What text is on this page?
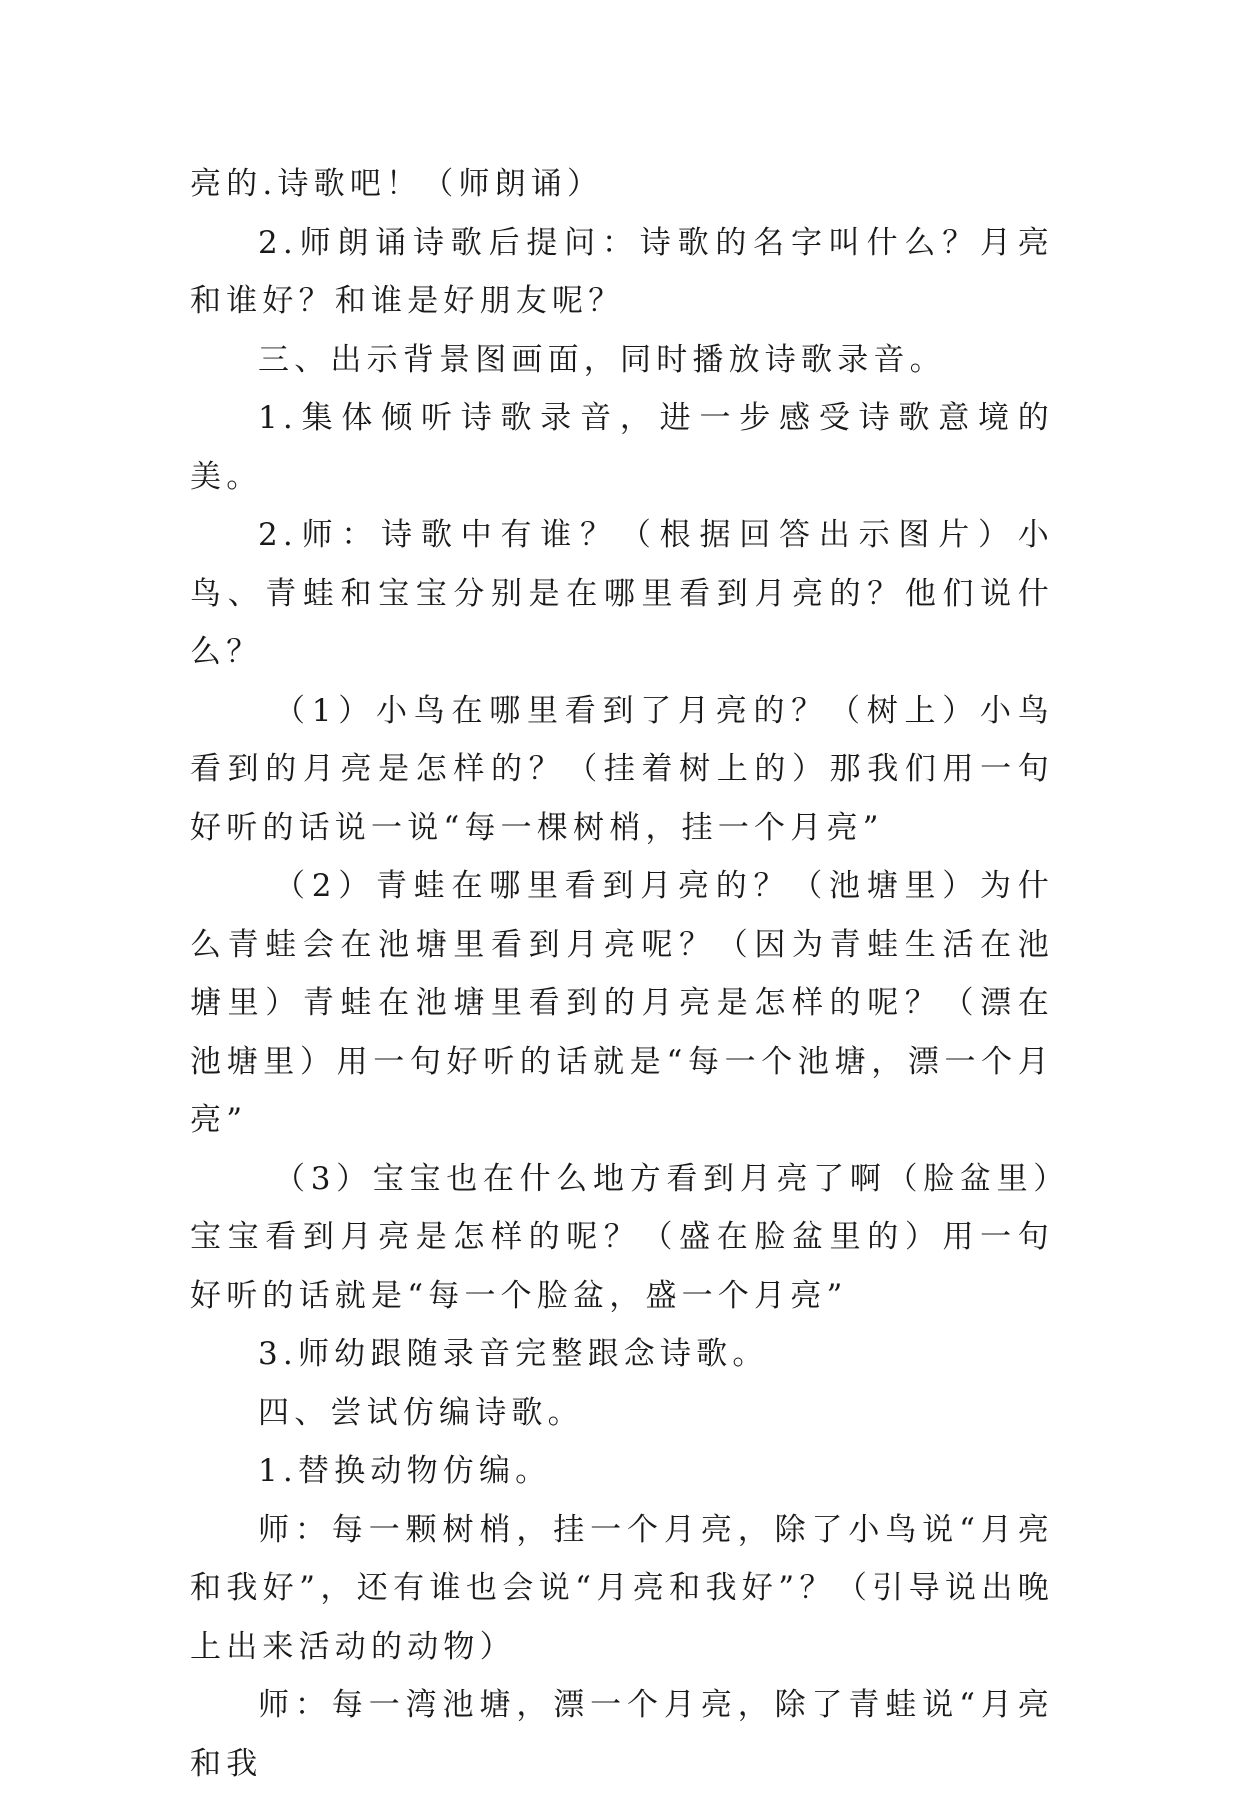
亮的.诗歌吧！（师朗诵）

2.师朗诵诗歌后提问：诗歌的名字叫什么？月亮和谁好？和谁是好朋友呢？

三、出示背景图画面，同时播放诗歌录音。

1.集体倾听诗歌录音，进一步感受诗歌意境的美。

2.师：诗歌中有谁？（根据回答出示图片）小鸟、青蛙和宝宝分别是在哪里看到月亮的？他们说什么？

（1）小鸟在哪里看到了月亮的？（树上）小鸟看到的月亮是怎样的？（挂着树上的）那我们用一句好听的话说一说“每一棵树梢，挂一个月亮”

（2）青蛙在哪里看到月亮的？（池塘里）为什么青蛙会在池塘里看到月亮呢？（因为青蛙生活在池塘里）青蛙在池塘里看到的月亮是怎样的呢？（漂在池塘里）用一句好听的话就是“每一个池塘，漂一个月亮”

（3）宝宝也在什么地方看到月亮了啊（脸盆里）宝宝看到月亮是怎样的呢？（盛在脸盆里的）用一句好听的话就是“每一个脸盆，盛一个月亮”

3.师幼跟随录音完整跟念诗歌。

四、尝试仿编诗歌。

1.替换动物仿编。

师：每一颗树梢，挂一个月亮，除了小鸟说“月亮和我好”，还有谁也会说“月亮和我好”？（引导说出晚上出来活动的动物）

师：每一湾池塘，漂一个月亮，除了青蛙说“月亮和我
